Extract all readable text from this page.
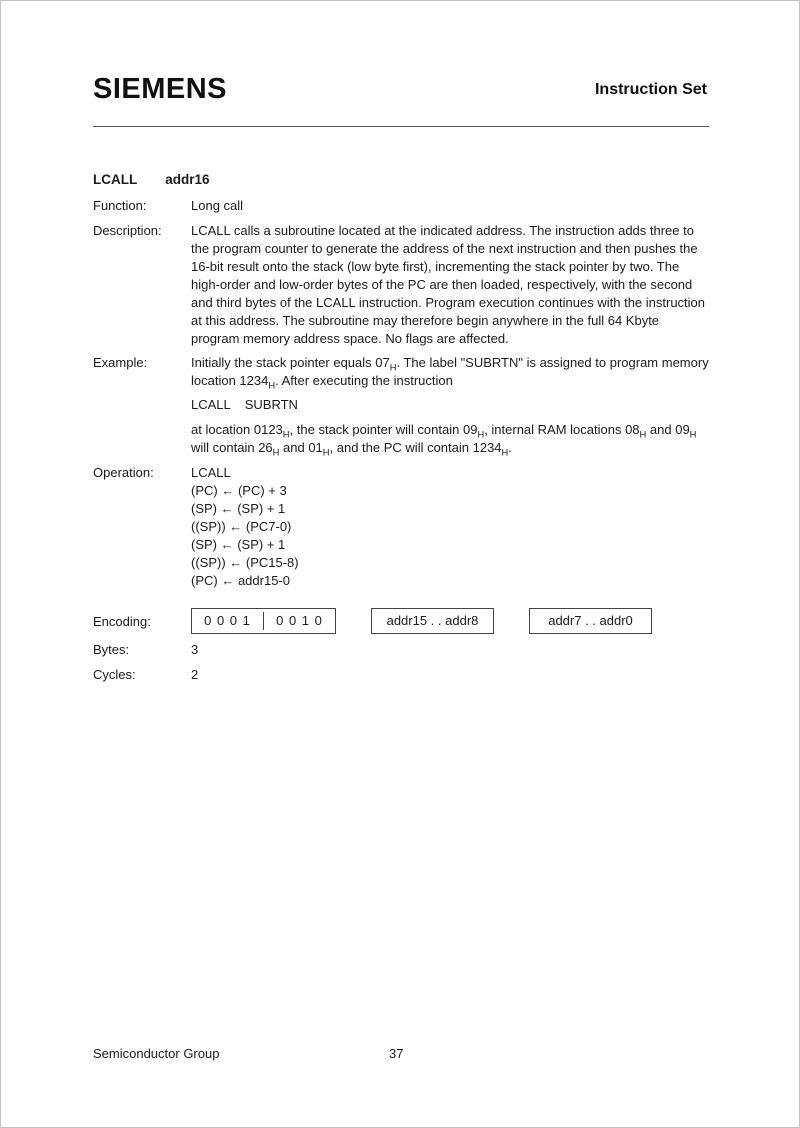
SIEMENS	Instruction Set
LCALL addr16
Function:	Long call
Description:	LCALL calls a subroutine located at the indicated address. The instruction adds three to the program counter to generate the address of the next instruction and then pushes the 16-bit result onto the stack (low byte first), incrementing the stack pointer by two. The high-order and low-order bytes of the PC are then loaded, respectively, with the second and third bytes of the LCALL instruction. Program execution continues with the instruction at this address. The subroutine may therefore begin anywhere in the full 64 Kbyte program memory address space. No flags are affected.
Example:	Initially the stack pointer equals $07_H$. The label "SUBRTN" is assigned to program memory location $1234_H$. After executing the instruction
LCALL    SUBRTN
at location $0123_H$, the stack pointer will contain $09_H$, internal RAM locations $08_H$ and $09_H$ will contain $26_H$ and $01_H$, and the PC will contain $1234_H$.
Operation:	LCALL
(PC) ← (PC) + 3
(SP) ← (SP) + 1
((SP)) ← (PC7-0)
(SP) ← (SP) + 1
((SP)) ← (PC15-8)
(PC) ← addr15-0
Encoding:	0 0 0 1	0 0 1 0	addr15 . . addr8	addr7 . . addr0
Bytes:	3
Cycles:	2
Semiconductor Group	37
